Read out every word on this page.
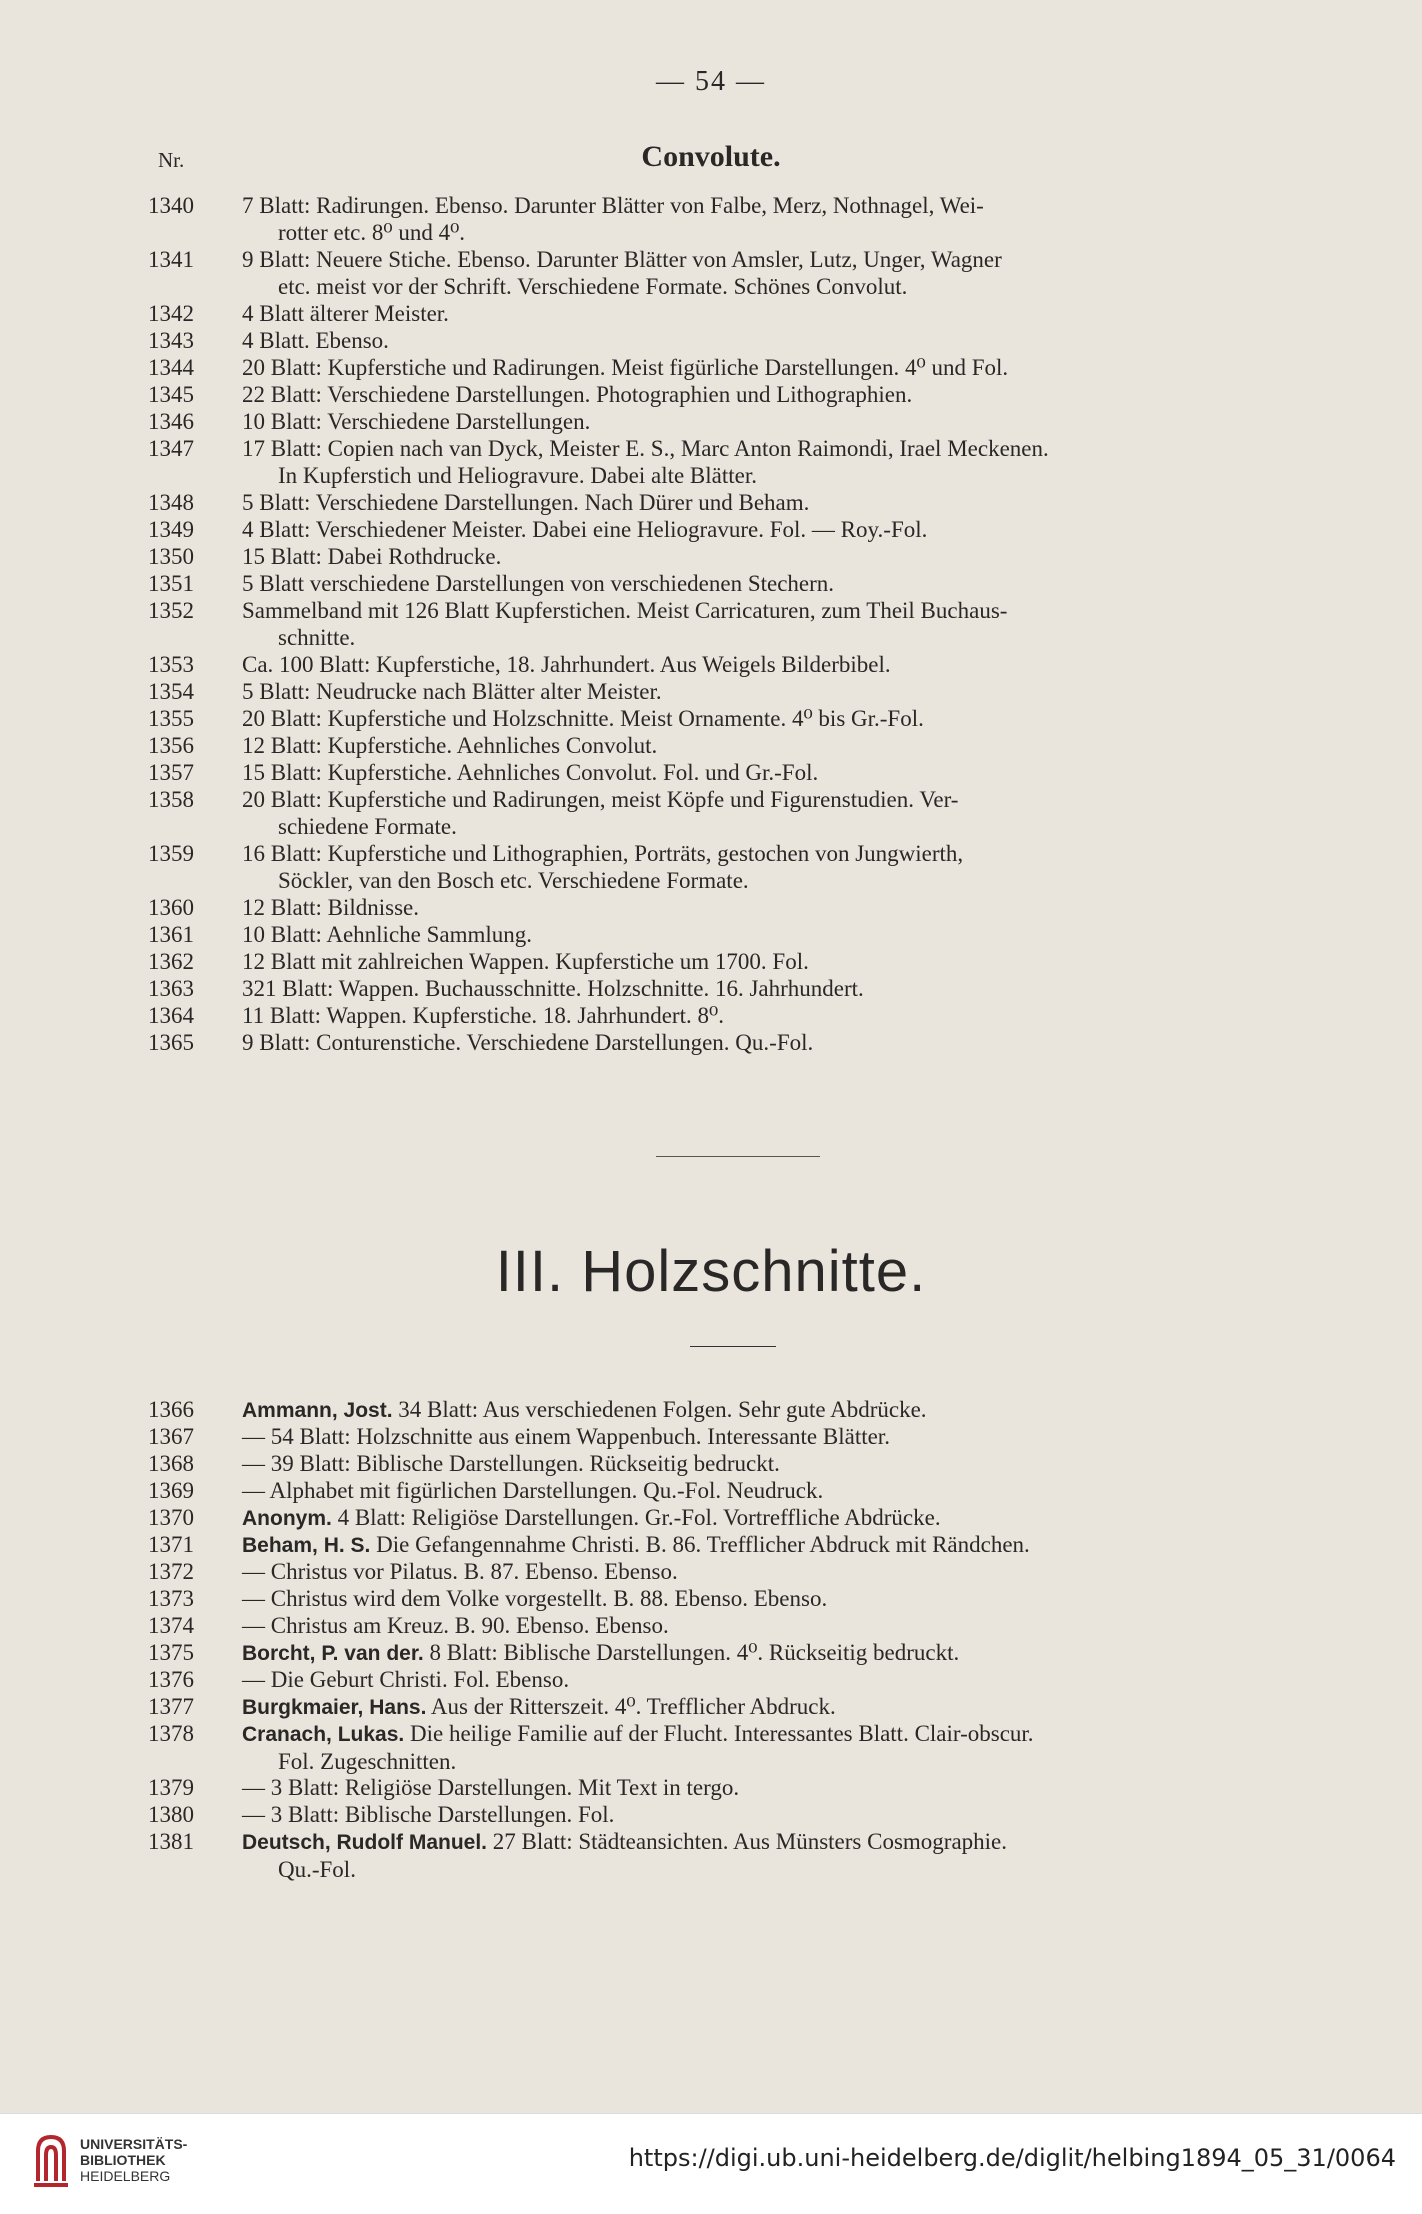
— 54 —
Nr.	Convolute.
1340	7 Blatt: Radirungen. Ebenso. Darunter Blätter von Falbe, Merz, Nothnagel, Wei-
rotter etc. 8⁰ und 4⁰.
1341	9 Blatt: Neuere Stiche. Ebenso. Darunter Blätter von Amsler, Lutz, Unger, Wagner
etc. meist vor der Schrift. Verschiedene Formate. Schönes Convolut.
1342	4 Blatt älterer Meister.
1343	4 Blatt. Ebenso.
1344	20 Blatt: Kupferstiche und Radirungen. Meist figürliche Darstellungen. 4⁰ und Fol.
1345	22 Blatt: Verschiedene Darstellungen. Photographien und Lithographien.
1346	10 Blatt: Verschiedene Darstellungen.
1347	17 Blatt: Copien nach van Dyck, Meister E. S., Marc Anton Raimondi, Irael Meckenen.
In Kupferstich und Heliogravure. Dabei alte Blätter.
1348	5 Blatt: Verschiedene Darstellungen. Nach Dürer und Beham.
1349	4 Blatt: Verschiedener Meister. Dabei eine Heliogravure. Fol. — Roy.-Fol.
1350	15 Blatt: Dabei Rothdrucke.
1351	5 Blatt verschiedene Darstellungen von verschiedenen Stechern.
1352	Sammelband mit 126 Blatt Kupferstichen. Meist Carricaturen, zum Theil Buchaus-
schnitte.
1353	Ca. 100 Blatt: Kupferstiche, 18. Jahrhundert. Aus Weigels Bilderbibel.
1354	5 Blatt: Neudrucke nach Blätter alter Meister.
1355	20 Blatt: Kupferstiche und Holzschnitte. Meist Ornamente. 4⁰ bis Gr.-Fol.
1356	12 Blatt: Kupferstiche. Aehnliches Convolut.
1357	15 Blatt: Kupferstiche. Aehnliches Convolut. Fol. und Gr.-Fol.
1358	20 Blatt: Kupferstiche und Radirungen, meist Köpfe und Figurenstudien. Ver-
schiedene Formate.
1359	16 Blatt: Kupferstiche und Lithographien, Porträts, gestochen von Jungwierth,
Söckler, van den Bosch etc. Verschiedene Formate.
1360	12 Blatt: Bildnisse.
1361	10 Blatt: Aehnliche Sammlung.
1362	12 Blatt mit zahlreichen Wappen. Kupferstiche um 1700. Fol.
1363	321 Blatt: Wappen. Buchausschnitte. Holzschnitte. 16. Jahrhundert.
1364	11 Blatt: Wappen. Kupferstiche. 18. Jahrhundert. 8⁰.
1365	9 Blatt: Conturenstiche. Verschiedene Darstellungen. Qu.-Fol.
III. Holzschnitte.
1366	Ammann, Jost. 34 Blatt: Aus verschiedenen Folgen. Sehr gute Abdrücke.
1367	— 54 Blatt: Holzschnitte aus einem Wappenbuch. Interessante Blätter.
1368	— 39 Blatt: Biblische Darstellungen. Rückseitig bedruckt.
1369	— Alphabet mit figürlichen Darstellungen. Qu.-Fol. Neudruck.
1370	Anonym. 4 Blatt: Religiöse Darstellungen. Gr.-Fol. Vortreffliche Abdrücke.
1371	Beham, H. S. Die Gefangennahme Christi. B. 86. Trefflicher Abdruck mit Rändchen.
1372	— Christus vor Pilatus. B. 87. Ebenso. Ebenso.
1373	— Christus wird dem Volke vorgestellt. B. 88. Ebenso. Ebenso.
1374	— Christus am Kreuz. B. 90. Ebenso. Ebenso.
1375	Borcht, P. van der. 8 Blatt: Biblische Darstellungen. 4⁰. Rückseitig bedruckt.
1376	— Die Geburt Christi. Fol. Ebenso.
1377	Burgkmaier, Hans. Aus der Ritterszeit. 4⁰. Trefflicher Abdruck.
1378	Cranach, Lukas. Die heilige Familie auf der Flucht. Interessantes Blatt. Clair-obscur.
Fol. Zugeschnitten.
1379	— 3 Blatt: Religiöse Darstellungen. Mit Text in tergo.
1380	— 3 Blatt: Biblische Darstellungen. Fol.
1381	Deutsch, Rudolf Manuel. 27 Blatt: Städteansichten. Aus Münsters Cosmographie.
Qu.-Fol.
UNIVERSITÄTS-
BIBLIOTHEK
HEIDELBERG
https://digi.ub.uni-heidelberg.de/diglit/helbing1894_05_31/0064
